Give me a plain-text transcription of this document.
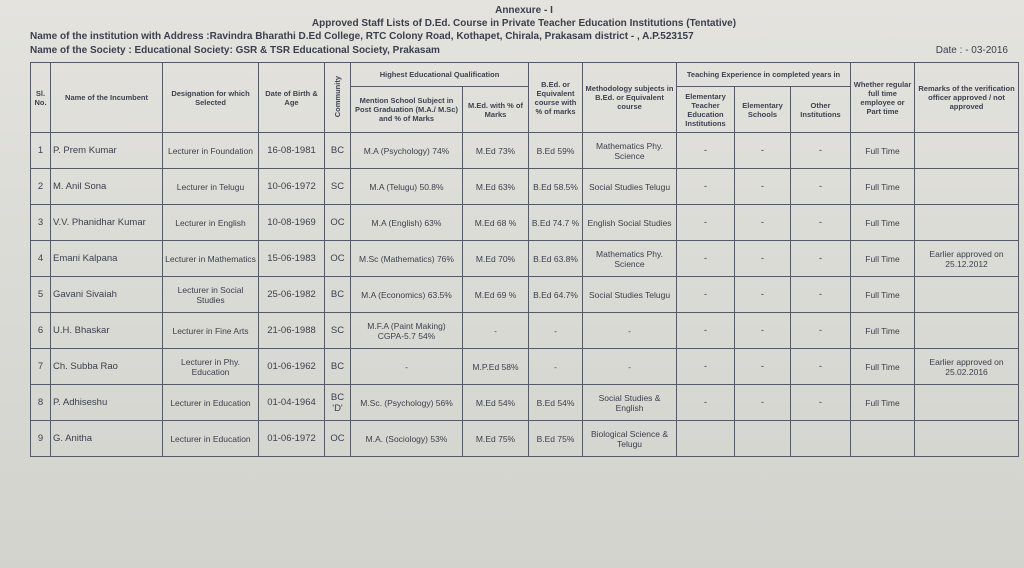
Annexure - I
Approved Staff Lists of D.Ed. Course in Private Teacher Education Institutions (Tentative)
Name of the institution with Address :Ravindra Bharathi D.Ed College, RTC Colony Road, Kothapet, Chirala, Prakasam district - , A.P.523157
Name of the Society : Educational Society: GSR & TSR Educational Society, Prakasam	Date : - 03-2016
Sl. No.	Name of the Incumbent	Designation for which Selected	Date of Birth & Age	Community	Highest Educational Qualification		B.Ed. or Equivalent course with % of marks	Methodology subjects in B.Ed. or Equivalent course	Teaching Experience in completed years in			Whether regular full time employee or Part time	Remarks of the verification officer approved / not approved
					Mention School Subject in Post Graduation (M.A./ M.Sc) and % of Marks	M.Ed. with % of Marks			Elementary Teacher Education Institutions	Elementary Schools	Other Institutions		
1	P. Prem Kumar	Lecturer in Foundation	16-08-1981	BC	M.A (Psychology) 74%	M.Ed 73%	B.Ed 59%	Mathematics Phy. Science	-	-	-	Full Time	
2	M. Anil Sona	Lecturer in Telugu	10-06-1972	SC	M.A (Telugu) 50.8%	M.Ed 63%	B.Ed 58.5%	Social Studies Telugu	-	-	-	Full Time	
3	V.V. Phanidhar Kumar	Lecturer in English	10-08-1969	OC	M.A (English) 63%	M.Ed 68 %	B.Ed 74.7 %	English Social Studies	-	-	-	Full Time	
4	Emani Kalpana	Lecturer in Mathematics	15-06-1983	OC	M.Sc (Mathematics) 76%	M.Ed 70%	B.Ed 63.8%	Mathematics Phy. Science	-	-	-	Full Time	Earlier approved on 25.12.2012
5	Gavani Sivaiah	Lecturer in Social Studies	25-06-1982	BC	M.A (Economics) 63.5%	M.Ed 69 %	B.Ed 64.7%	Social Studies Telugu	-	-	-	Full Time	
6	U.H. Bhaskar	Lecturer in Fine Arts	21-06-1988	SC	M.F.A (Paint Making) CGPA-5.7 54%	-	-	-	-	-	-	Full Time	
7	Ch. Subba Rao	Lecturer in Phy. Education	01-06-1962	BC	-	M.P.Ed 58%	-	-	-	-	-	Full Time	Earlier approved on 25.02.2016
8	P. Adhiseshu	Lecturer in Education	01-04-1964	BC 'D'	M.Sc. (Psychology) 56%	M.Ed 54%	B.Ed 54%	Social Studies & English	-	-	-	Full Time	
9	G. Anitha	Lecturer in Education	01-06-1972	OC	M.A. (Sociology) 53%	M.Ed 75%	B.Ed 75%	Biological Science & Telugu					
